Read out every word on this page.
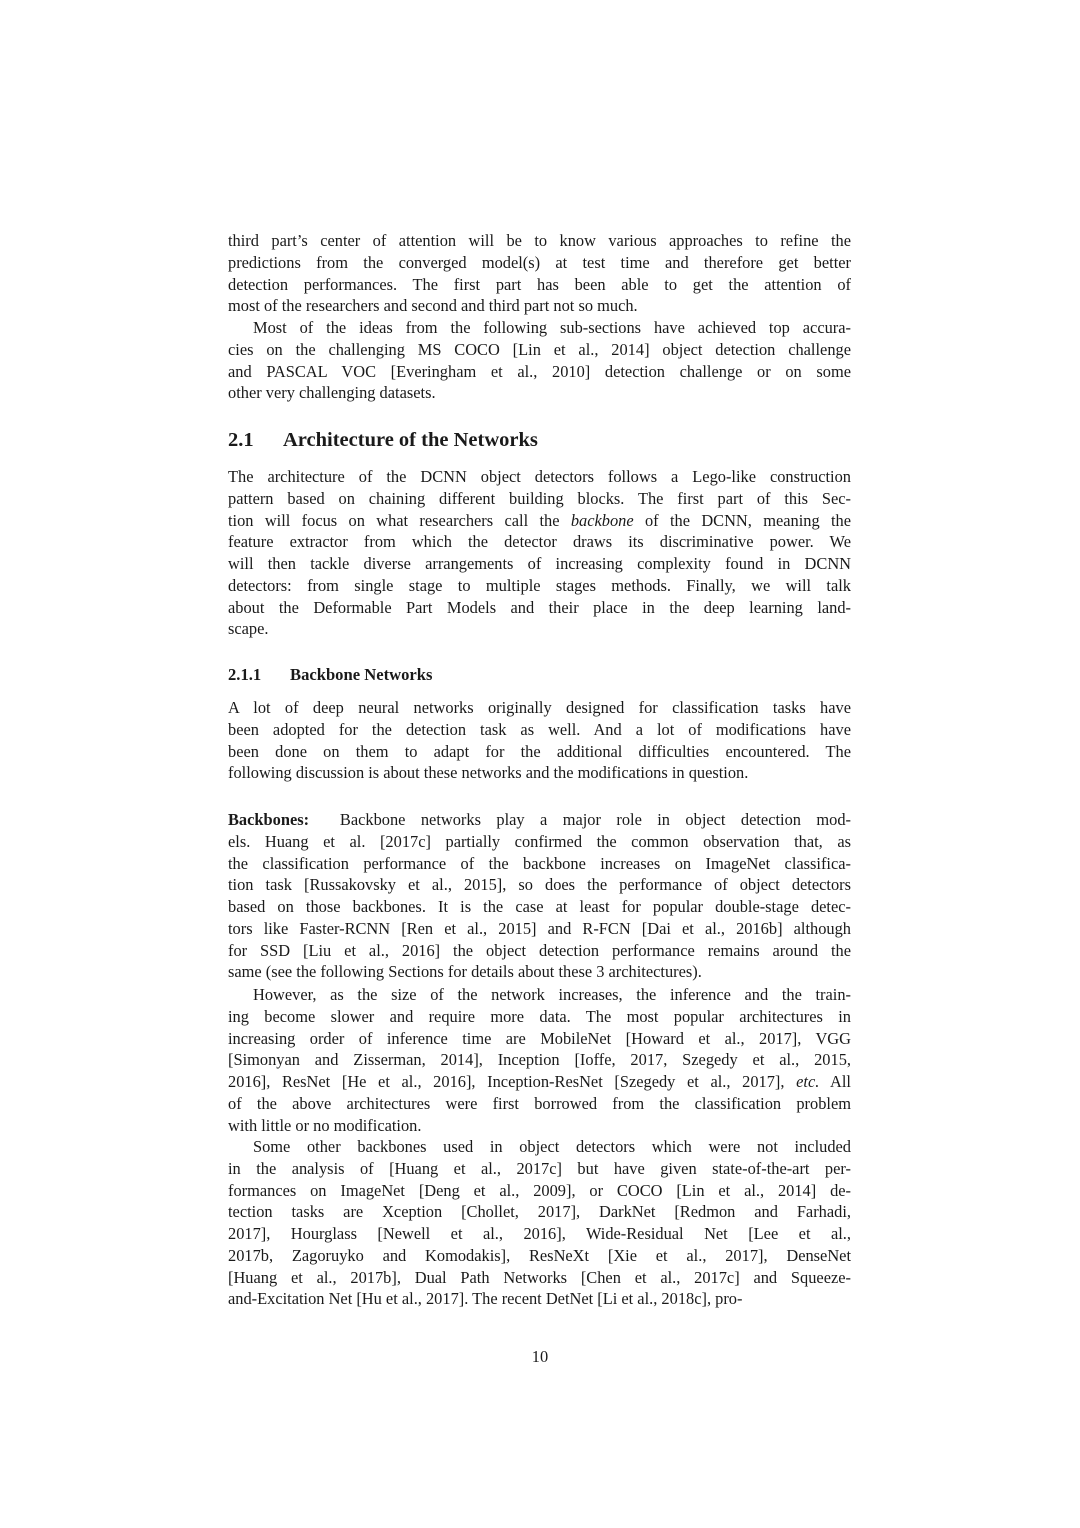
third part’s center of attention will be to know various approaches to refine the
predictions from the converged model(s) at test time and therefore get better
detection performances. The first part has been able to get the attention of
most of the researchers and second and third part not so much.
Most of the ideas from the following sub-sections have achieved top accura-
cies on the challenging MS COCO [Lin et al., 2014] object detection challenge
and PASCAL VOC [Everingham et al., 2010] detection challenge or on some
other very challenging datasets.
2.1 Architecture of the Networks
The architecture of the DCNN object detectors follows a Lego-like construction
pattern based on chaining different building blocks. The first part of this Sec-
tion will focus on what researchers call the backbone of the DCNN, meaning the
feature extractor from which the detector draws its discriminative power. We
will then tackle diverse arrangements of increasing complexity found in DCNN
detectors: from single stage to multiple stages methods. Finally, we will talk
about the Deformable Part Models and their place in the deep learning land-
scape.
2.1.1 Backbone Networks
A lot of deep neural networks originally designed for classification tasks have
been adopted for the detection task as well. And a lot of modifications have
been done on them to adapt for the additional difficulties encountered. The
following discussion is about these networks and the modifications in question.
Backbones:  Backbone networks play a major role in object detection mod-
els. Huang et al. [2017c] partially confirmed the common observation that, as
the classification performance of the backbone increases on ImageNet classifica-
tion task [Russakovsky et al., 2015], so does the performance of object detectors
based on those backbones. It is the case at least for popular double-stage detec-
tors like Faster-RCNN [Ren et al., 2015] and R-FCN [Dai et al., 2016b] although
for SSD [Liu et al., 2016] the object detection performance remains around the
same (see the following Sections for details about these 3 architectures).
However, as the size of the network increases, the inference and the train-
ing become slower and require more data. The most popular architectures in
increasing order of inference time are MobileNet [Howard et al., 2017], VGG
[Simonyan and Zisserman, 2014], Inception [Ioffe, 2017, Szegedy et al., 2015,
2016], ResNet [He et al., 2016], Inception-ResNet [Szegedy et al., 2017], etc. All
of the above architectures were first borrowed from the classification problem
with little or no modification.
Some other backbones used in object detectors which were not included
in the analysis of [Huang et al., 2017c] but have given state-of-the-art per-
formances on ImageNet [Deng et al., 2009], or COCO [Lin et al., 2014] de-
tection tasks are Xception [Chollet, 2017], DarkNet [Redmon and Farhadi,
2017], Hourglass [Newell et al., 2016], Wide-Residual Net [Lee et al.,
2017b, Zagoruyko and Komodakis], ResNeXt [Xie et al., 2017], DenseNet
[Huang et al., 2017b], Dual Path Networks [Chen et al., 2017c] and Squeeze-
and-Excitation Net [Hu et al., 2017]. The recent DetNet [Li et al., 2018c], pro-
10
